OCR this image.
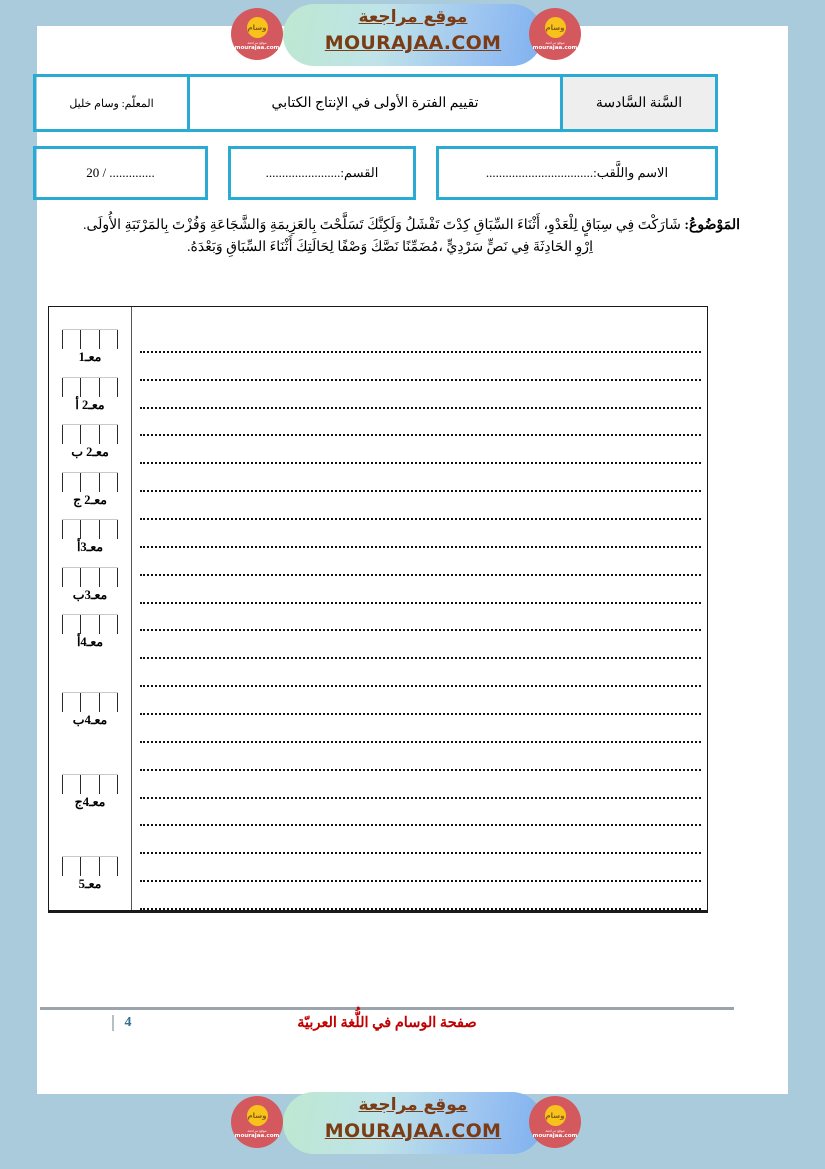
وسام
موقع مراجعة
mourajaa.com
وسام
موقع مراجعة
mourajaa.com
موقع مراجعة
MOURAJAA.COM
السَّنة السَّادسة
تقييم الفترة الأولى في الإنتاج الكتابي
المعلّم: وسام خليل
الاسم واللَّقب:.................................
القسم:.......................
.............. / 20
المَوْضُوعُ: شَارَكْتَ فِي سِبَاقٍ لِلْعَدْوِ، أَثْنَاءَ السِّبَاقِ كِدْتَ تَفْشَلُ وَلَكِنَّكَ تَسَلَّحْتَ بِالعَزِيمَةِ وَالشَّجَاعَةِ وَفُزْتَ بِالمَرْتَبَةِ الأُولَى.
اِرْوِ الحَادِثَةَ فِي نَصٍّ سَرْدِيٍّ ،مُضَمِّنًا نَصَّكَ وَصْفًا لِحَالَتِكَ أَثْنَاءَ السِّبَاقِ وَبَعْدَهُ.
معـ1
معـ2 أ
معـ2 ب
معـ2 ج
معـ3أ
معـ3ب
معـ4أ
معـ4ب
معـ4ج
معـ5
صفحة الوسام في اللُّغة العربيّة
4
وسام
موقع مراجعة
mourajaa.com
وسام
موقع مراجعة
mourajaa.com
موقع مراجعة
MOURAJAA.COM
